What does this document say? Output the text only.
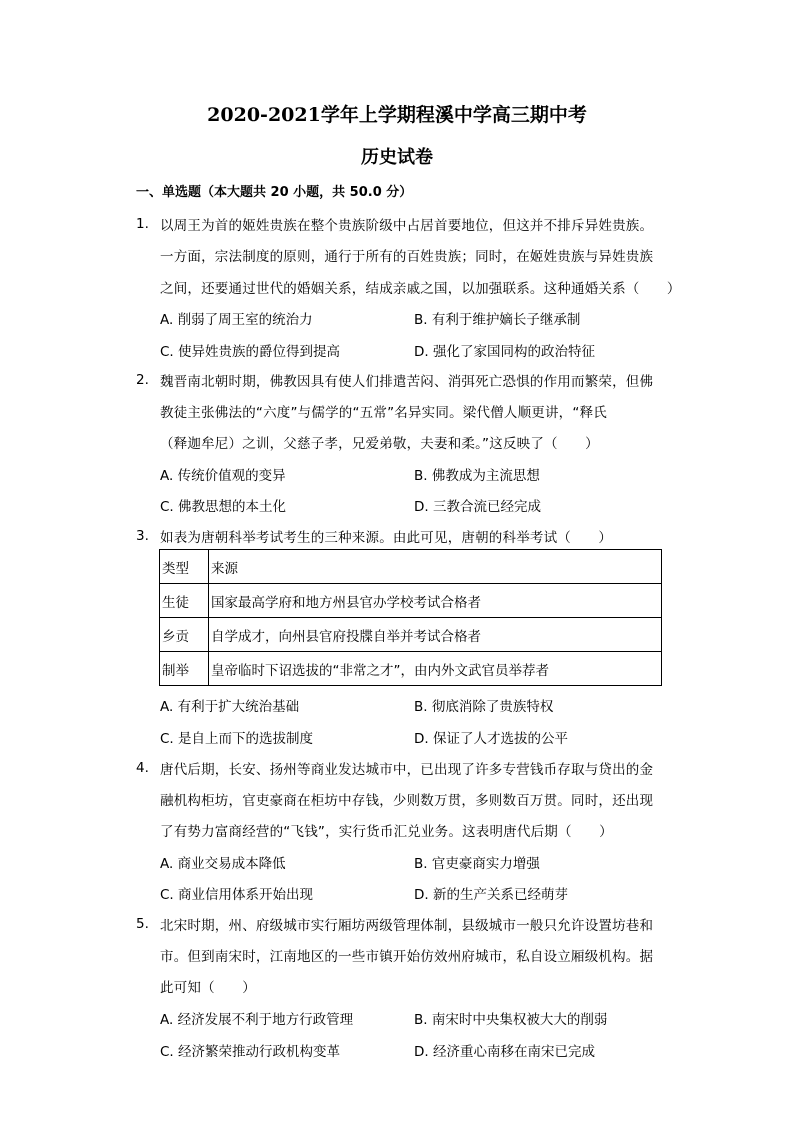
2020-2021学年上学期程溪中学高三期中考
历史试卷
一、单选题（本大题共 20 小题，共 50.0 分）
1. 以周王为首的姬姓贵族在整个贵族阶级中占居首要地位，但这并不排斥异姓贵族。
一方面，宗法制度的原则，通行于所有的百姓贵族；同时，在姬姓贵族与异姓贵族
之间，还要通过世代的婚姻关系，结成亲戚之国，以加强联系。这种通婚关系（　　）
A. 削弱了周王室的统治力	B. 有利于维护嫡长子继承制
C. 使异姓贵族的爵位得到提高	D. 强化了家国同构的政治特征
2. 魏晋南北朝时期，佛教因具有使人们排遣苦闷、消弭死亡恐惧的作用而繁荣，但佛
教徒主张佛法的“六度”与儒学的“五常”名异实同。梁代僧人顺更讲，“释氏
（释迦牟尼）之训，父慈子孝，兄爱弟敬，夫妻和柔。”这反映了（　　）
A. 传统价值观的变异	B. 佛教成为主流思想
C. 佛教思想的本土化	D. 三教合流已经完成
3. 如表为唐朝科举考试考生的三种来源。由此可见，唐朝的科举考试（　　）
类型	来源
生徒	国家最高学府和地方州县官办学校考试合格者
乡贡	自学成才，向州县官府投牒自举并考试合格者
制举	皇帝临时下诏选拔的“非常之才”，由内外文武官员举荐者
A. 有利于扩大统治基础	B. 彻底消除了贵族特权
C. 是自上而下的选拔制度	D. 保证了人才选拔的公平
4. 唐代后期，长安、扬州等商业发达城市中，已出现了许多专营钱币存取与贷出的金
融机构柜坊，官吏豪商在柜坊中存钱，少则数万贯，多则数百万贯。同时，还出现
了有势力富商经营的“飞钱”，实行货币汇兑业务。这表明唐代后期（　　）
A. 商业交易成本降低	B. 官吏豪商实力增强
C. 商业信用体系开始出现	D. 新的生产关系已经萌芽
5. 北宋时期，州、府级城市实行厢坊两级管理体制，县级城市一般只允许设置坊巷和
市。但到南宋时，江南地区的一些市镇开始仿效州府城市，私自设立厢级机构。据
此可知（　　）
A. 经济发展不利于地方行政管理	B. 南宋时中央集权被大大的削弱
C. 经济繁荣推动行政机构变革	D. 经济重心南移在南宋已完成
